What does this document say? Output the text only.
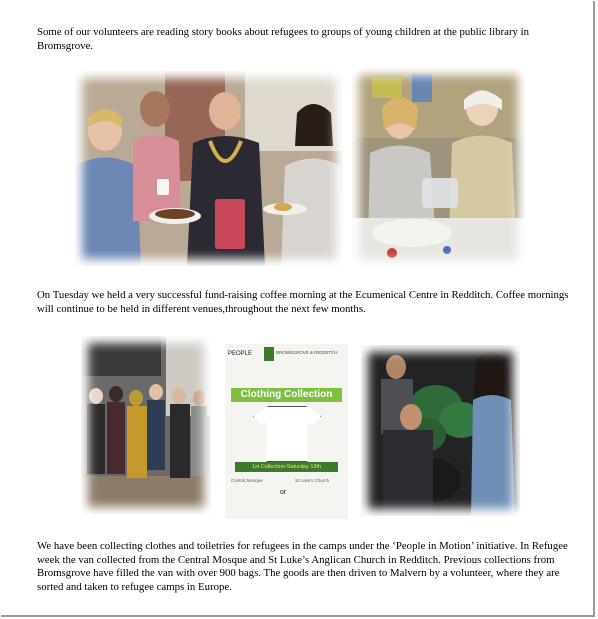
Some of our volunteers are reading story books about refugees to groups of young children at the public library in Bromsgrove.

On Tuesday we held a very successful fund-raising coffee morning at the Ecumenical Centre in Redditch. Coffee mornings will continue to be held in different venues,throughout the next few months.

PEOPLE	BROMSGROVE & REDDITCH
Clothing Collection
1st Collection-Saturday 13th
Central Mosque	St Luke's Church
or

We have been collecting clothes and toiletries for refugees in the camps under the ‘People in Motion’ initiative. In Refugee week the van collected from the Central Mosque and St Luke’s Anglican Church in Redditch. Previous collections from Bromsgrove have filled the van with over 900 bags. The goods are then driven to Malvern by a volunteer, where they are sorted and taken to refugee camps in Europe.
